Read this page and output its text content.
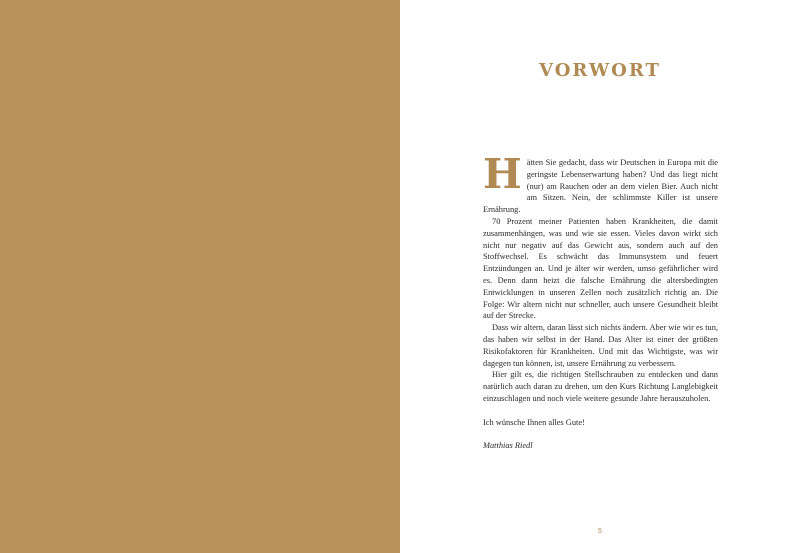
VORWORT

Hätten Sie gedacht, dass wir Deutschen in Europa mit die geringste Lebenserwartung haben? Und das liegt nicht (nur) am Rauchen oder an dem vielen Bier. Auch nicht am Sitzen. Nein, der schlimmste Killer ist unsere Ernährung.

70 Prozent meiner Patienten haben Krankheiten, die damit zusammenhängen, was und wie sie essen. Vieles davon wirkt sich nicht nur negativ auf das Gewicht aus, sondern auch auf den Stoffwechsel. Es schwächt das Immunsystem und feuert Entzündungen an. Und je älter wir werden, umso gefährlicher wird es. Denn dann heizt die falsche Ernährung die altersbedingten Entwicklungen in unseren Zellen noch zusätzlich richtig an. Die Folge: Wir altern nicht nur schneller, auch unsere Gesundheit bleibt auf der Strecke.

Dass wir altern, daran lässt sich nichts ändern. Aber wie wir es tun, das haben wir selbst in der Hand. Das Alter ist einer der größten Risikofaktoren für Krankheiten. Und mit das Wichtigste, was wir dagegen tun können, ist, unsere Ernährung zu verbessern.

Hier gilt es, die richtigen Stellschrauben zu entdecken und dann natürlich auch daran zu drehen, um den Kurs Richtung Langlebigkeit einzuschlagen und noch viele weitere gesunde Jahre herauszuholen.

Ich wünsche Ihnen alles Gute!

Matthias Riedl

5
